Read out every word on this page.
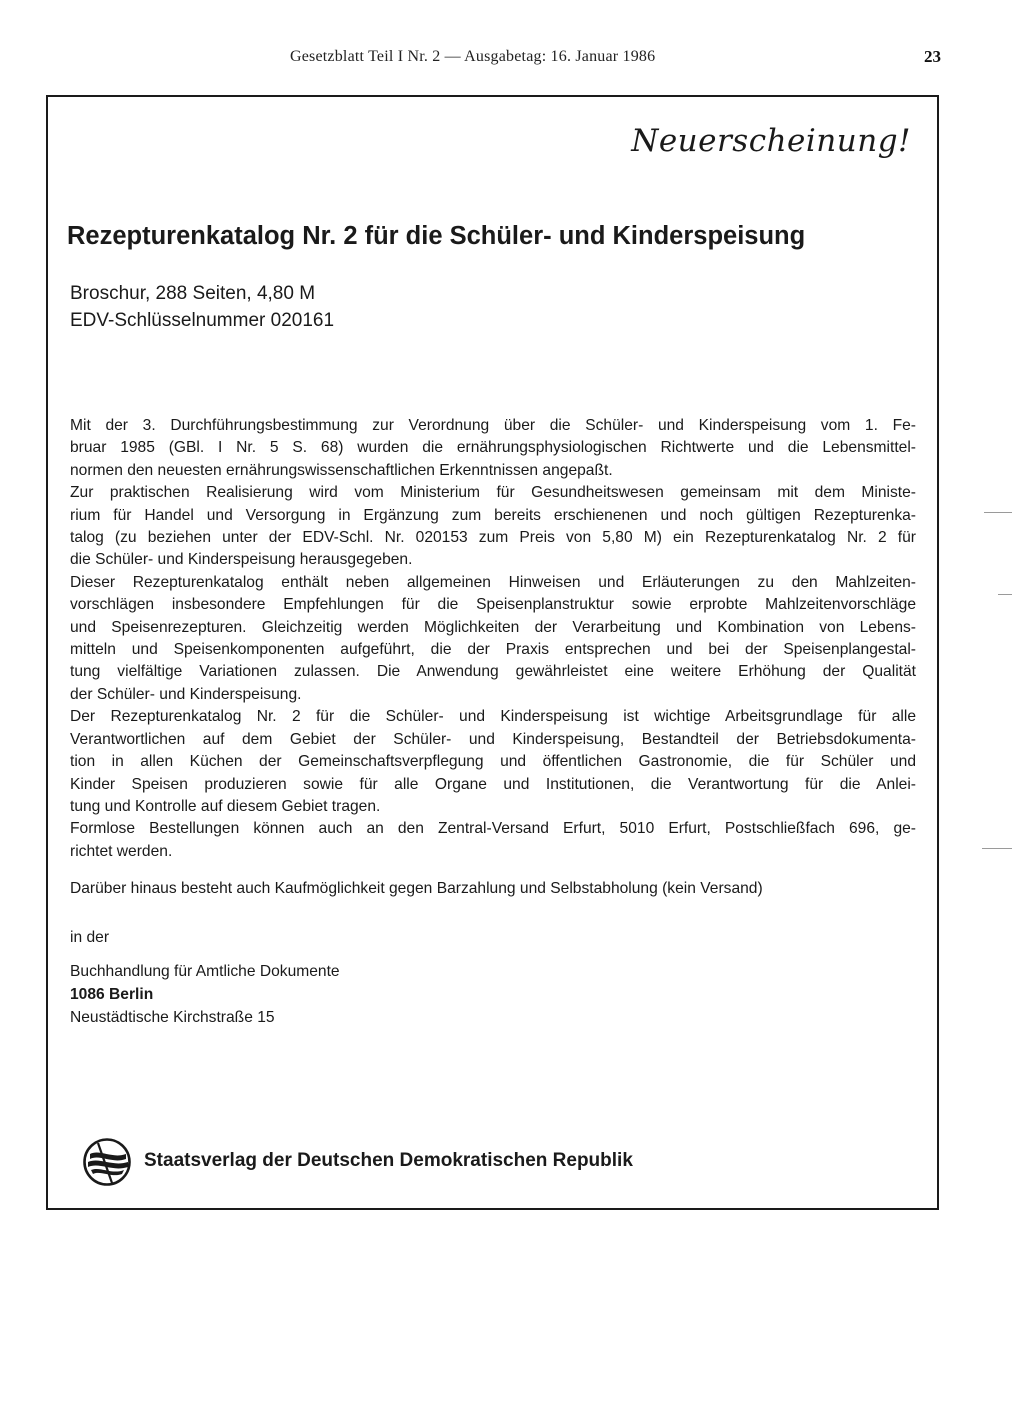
Gesetzblatt Teil I Nr. 2 — Ausgabetag: 16. Januar 1986	23
Neuerscheinung!
Rezepturenkatalog Nr. 2 für die Schüler- und Kinderspeisung
Broschur, 288 Seiten, 4,80 M
EDV-Schlüsselnummer 020161
Mit der 3. Durchführungsbestimmung zur Verordnung über die Schüler- und Kinderspeisung vom 1. Fe-
bruar 1985 (GBl. I Nr. 5 S. 68) wurden die ernährungsphysiologischen Richtwerte und die Lebensmittel-
normen den neuesten ernährungswissenschaftlichen Erkenntnissen angepaßt.
Zur praktischen Realisierung wird vom Ministerium für Gesundheitswesen gemeinsam mit dem Ministe-
rium für Handel und Versorgung in Ergänzung zum bereits erschienenen und noch gültigen Rezepturenka-
talog (zu beziehen unter der EDV-Schl. Nr. 020153 zum Preis von 5,80 M) ein Rezepturenkatalog Nr. 2 für
die Schüler- und Kinderspeisung herausgegeben.
Dieser Rezepturenkatalog enthält neben allgemeinen Hinweisen und Erläuterungen zu den Mahlzeiten-
vorschlägen insbesondere Empfehlungen für die Speisenplanstruktur sowie erprobte Mahlzeitenvorschläge
und Speisenrezepturen. Gleichzeitig werden Möglichkeiten der Verarbeitung und Kombination von Lebens-
mitteln und Speisenkomponenten aufgeführt, die der Praxis entsprechen und bei der Speisenplangestal-
tung vielfältige Variationen zulassen. Die Anwendung gewährleistet eine weitere Erhöhung der Qualität
der Schüler- und Kinderspeisung.
Der Rezepturenkatalog Nr. 2 für die Schüler- und Kinderspeisung ist wichtige Arbeitsgrundlage für alle
Verantwortlichen auf dem Gebiet der Schüler- und Kinderspeisung, Bestandteil der Betriebsdokumenta-
tion in allen Küchen der Gemeinschaftsverpflegung und öffentlichen Gastronomie, die für Schüler und
Kinder Speisen produzieren sowie für alle Organe und Institutionen, die Verantwortung für die Anlei-
tung und Kontrolle auf diesem Gebiet tragen.
Formlose Bestellungen können auch an den Zentral-Versand Erfurt, 5010 Erfurt, Postschließfach 696, ge-
richtet werden.
Darüber hinaus besteht auch Kaufmöglichkeit gegen Barzahlung und Selbstabholung (kein Versand)
in der
Buchhandlung für Amtliche Dokumente
1086 Berlin
Neustädtische Kirchstraße 15
Staatsverlag der Deutschen Demokratischen Republik
